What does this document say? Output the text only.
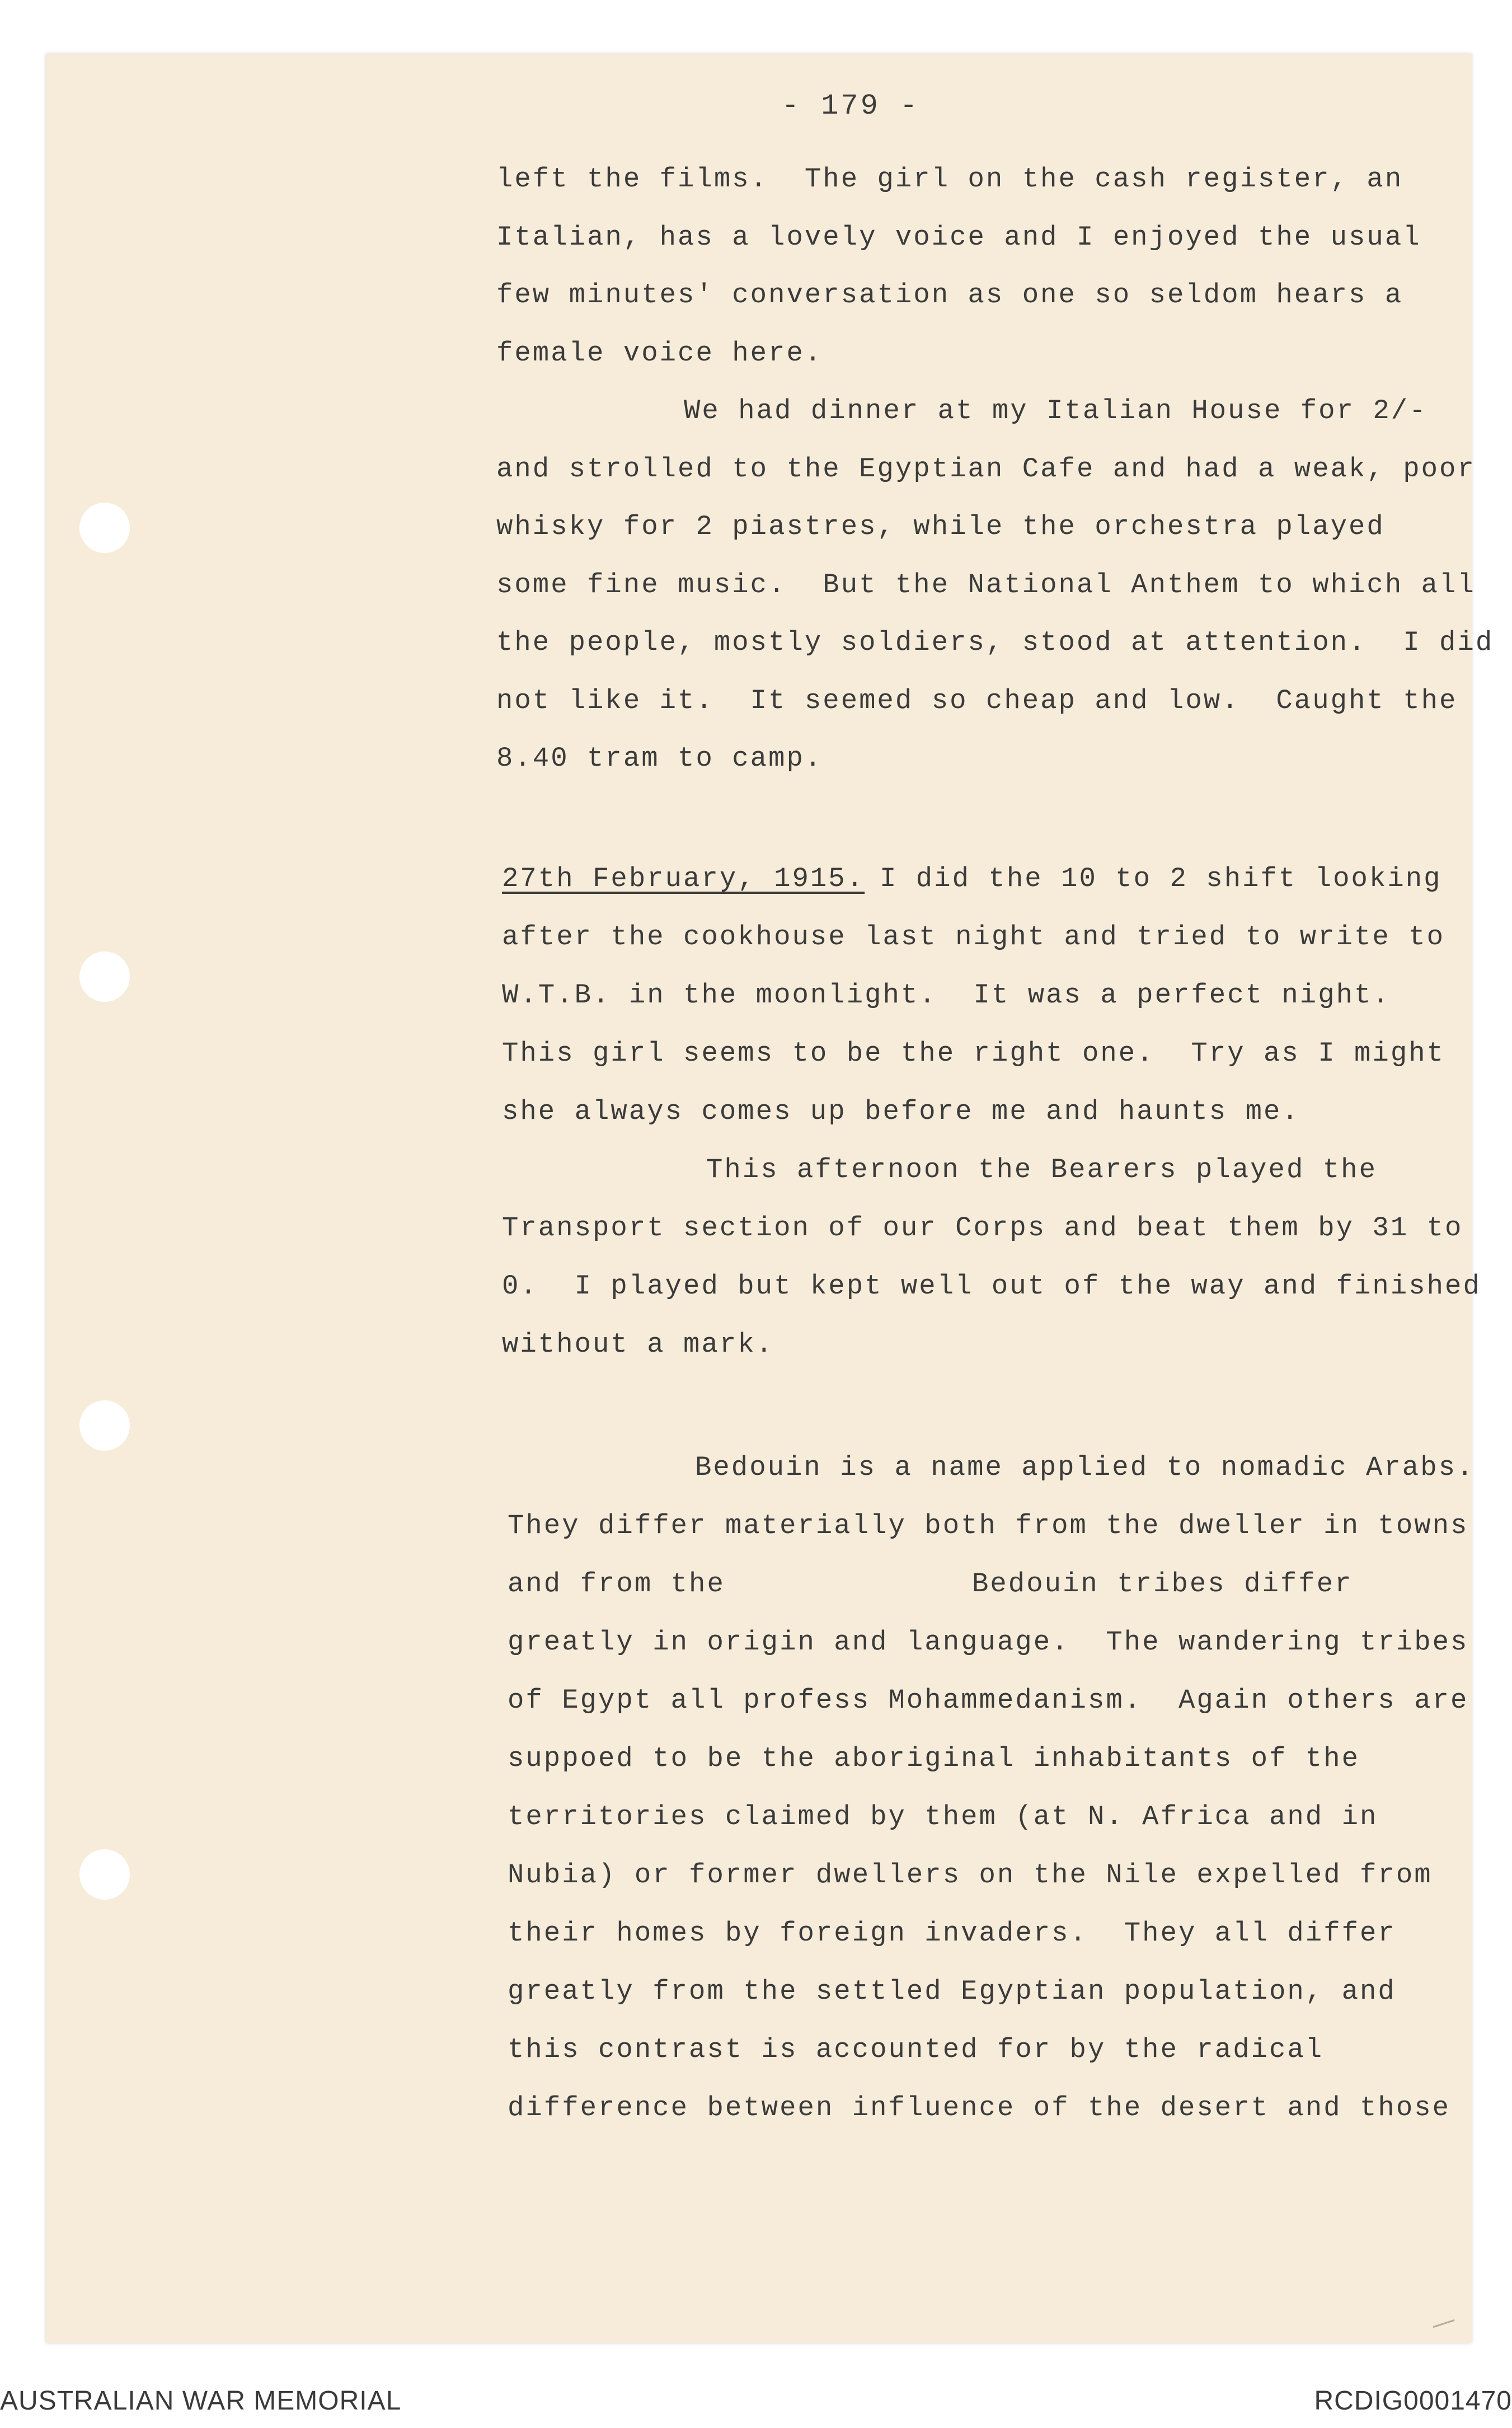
- 179 -
left the films.  The girl on the cash register, an
Italian, has a lovely voice and I enjoyed the usual
few minutes' conversation as one so seldom hears a
female voice here.
We had dinner at my Italian House for 2/-
and strolled to the Egyptian Cafe and had a weak, poor
whisky for 2 piastres, while the orchestra played
some fine music.  But the National Anthem to which all
the people, mostly soldiers, stood at attention.  I did
not like it.  It seemed so cheap and low.  Caught the
8.40 tram to camp.
27th February, 1915. I did the 10 to 2 shift looking
after the cookhouse last night and tried to write to
W.T.B. in the moonlight.  It was a perfect night.
This girl seems to be the right one.  Try as I might
she always comes up before me and haunts me.
This afternoon the Bearers played the
Transport section of our Corps and beat them by 31 to
0.  I played but kept well out of the way and finished
without a mark.
Bedouin is a name applied to nomadic Arabs.
They differ materially both from the dweller in towns
and from the	Bedouin tribes differ
greatly in origin and language.  The wandering tribes
of Egypt all profess Mohammedanism.  Again others are
suppoed to be the aboriginal inhabitants of the
territories claimed by them (at N. Africa and in
Nubia) or former dwellers on the Nile expelled from
their homes by foreign invaders.  They all differ
greatly from the settled Egyptian population, and
this contrast is accounted for by the radical
difference between influence of the desert and those
AUSTRALIAN WAR MEMORIAL	RCDIG0001470
